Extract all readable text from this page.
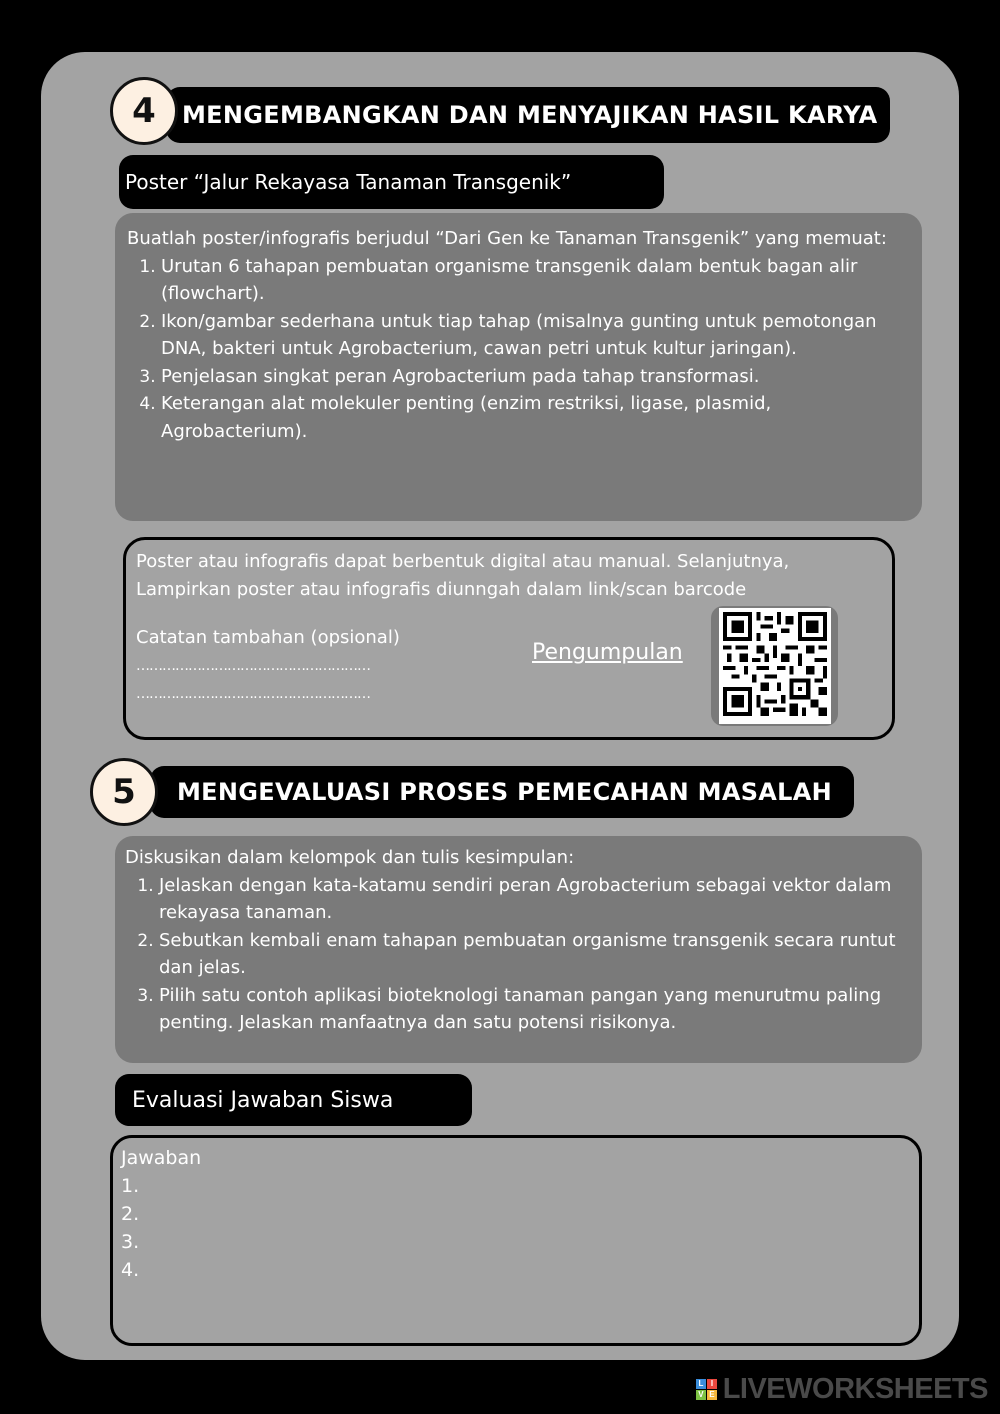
MENGEMBANGKAN DAN MENYAJIKAN HASIL KARYA
4
Poster “Jalur Rekayasa Tanaman Transgenik”
Buatlah poster/infografis berjudul “Dari Gen ke Tanaman Transgenik” yang memuat:
1. Urutan 6 tahapan pembuatan organisme transgenik dalam bentuk bagan alir (flowchart).
2. Ikon/gambar sederhana untuk tiap tahap (misalnya gunting untuk pemotongan DNA, bakteri untuk Agrobacterium, cawan petri untuk kultur jaringan).
3. Penjelasan singkat peran Agrobacterium pada tahap transformasi.
4. Keterangan alat molekuler penting (enzim restriksi, ligase, plasmid, Agrobacterium).
Poster atau infografis dapat berbentuk digital atau manual. Selanjutnya, Lampirkan poster atau infografis diunngah dalam link/scan barcode
Catatan tambahan (opsional)
………………………………………………
………………………………………………
Pengumpulan
MENGEVALUASI PROSES PEMECAHAN MASALAH
5
Diskusikan dalam kelompok dan tulis kesimpulan:
1. Jelaskan dengan kata-katamu sendiri peran Agrobacterium sebagai vektor dalam rekayasa tanaman.
2. Sebutkan kembali enam tahapan pembuatan organisme transgenik secara runtut dan jelas.
3. Pilih satu contoh aplikasi bioteknologi tanaman pangan yang menurutmu paling penting. Jelaskan manfaatnya dan satu potensi risikonya.
Evaluasi Jawaban Siswa
Jawaban
1.
2.
3.
4.
L I
V E LIVEWORKSHEETS
